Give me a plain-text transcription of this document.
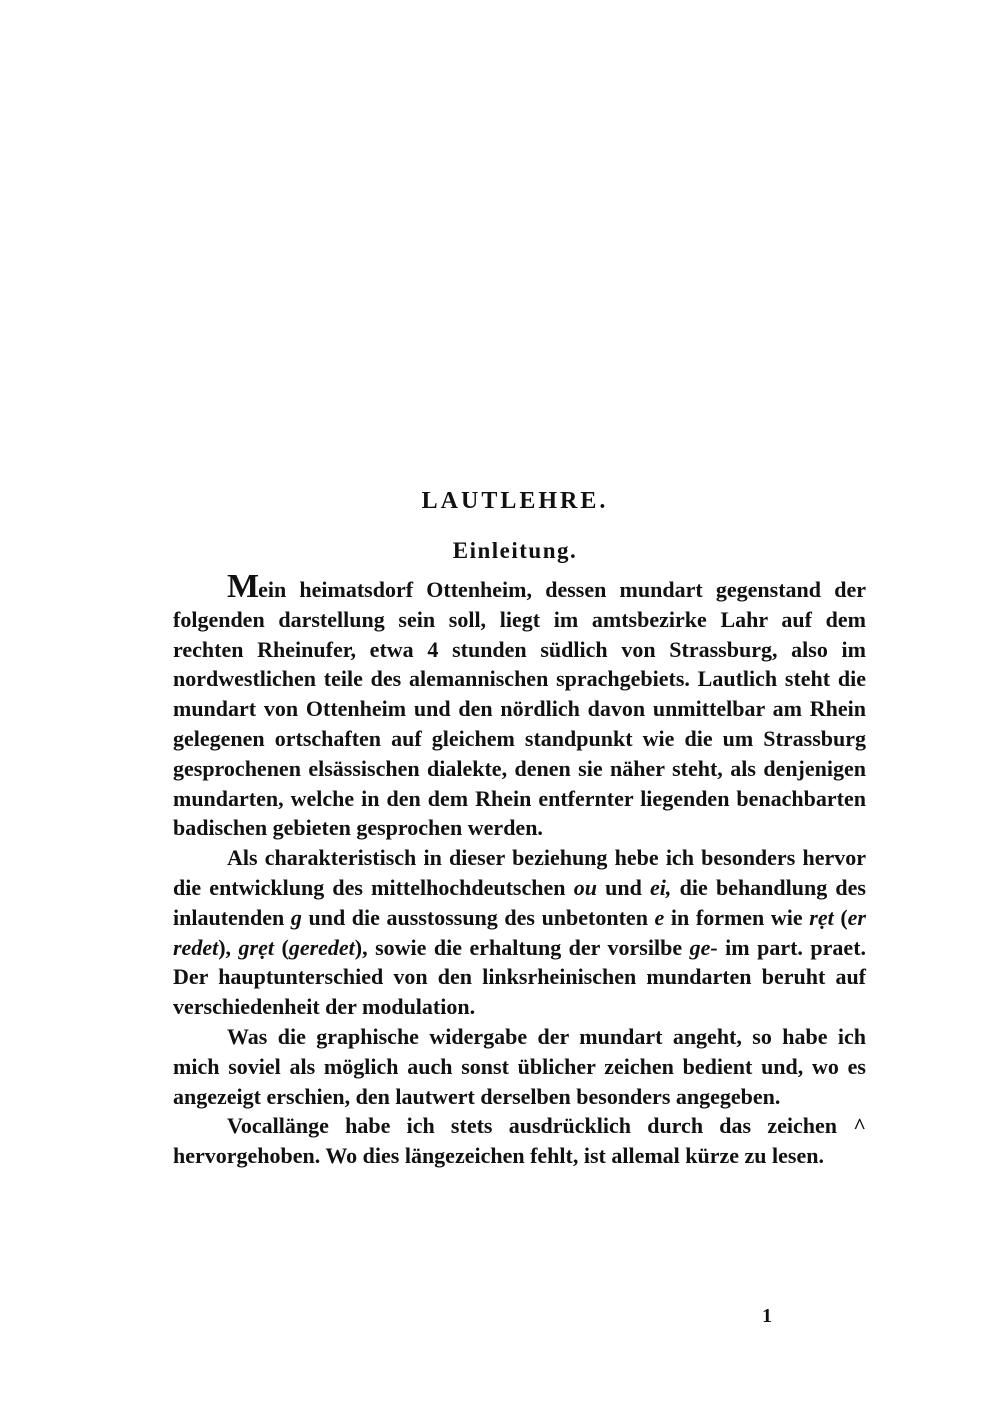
LAUTLEHRE.
Einleitung.

Mein heimatsdorf Ottenheim, dessen mundart gegenstand der folgenden darstellung sein soll, liegt im amtsbezirke Lahr auf dem rechten Rheinufer, etwa 4 stunden südlich von Strassburg, also im nordwestlichen teile des alemannischen sprachgebiets. Lautlich steht die mundart von Ottenheim und den nördlich davon unmittelbar am Rhein gelegenen ortschaften auf gleichem standpunkt wie die um Strassburg gesprochenen elsässischen dialekte, denen sie näher steht, als denjenigen mundarten, welche in den dem Rhein entfernter liegenden benachbarten badischen gebieten gesprochen werden.

Als charakteristisch in dieser beziehung hebe ich besonders hervor die entwicklung des mittelhochdeutschen ou und ei, die behandlung des inlautenden g und die ausstossung des unbetonten e in formen wie rẹt (er redet), grẹt (geredet), sowie die erhaltung der vorsilbe ge- im part. praet. Der hauptunterschied von den linksrheinischen mundarten beruht auf verschiedenheit der modulation.

Was die graphische widergabe der mundart angeht, so habe ich mich soviel als möglich auch sonst üblicher zeichen bedient und, wo es angezeigt erschien, den lautwert derselben besonders angegeben.

Vocallänge habe ich stets ausdrücklich durch das zeichen ^ hervorgehoben. Wo dies längezeichen fehlt, ist allemal kürze zu lesen.

1
